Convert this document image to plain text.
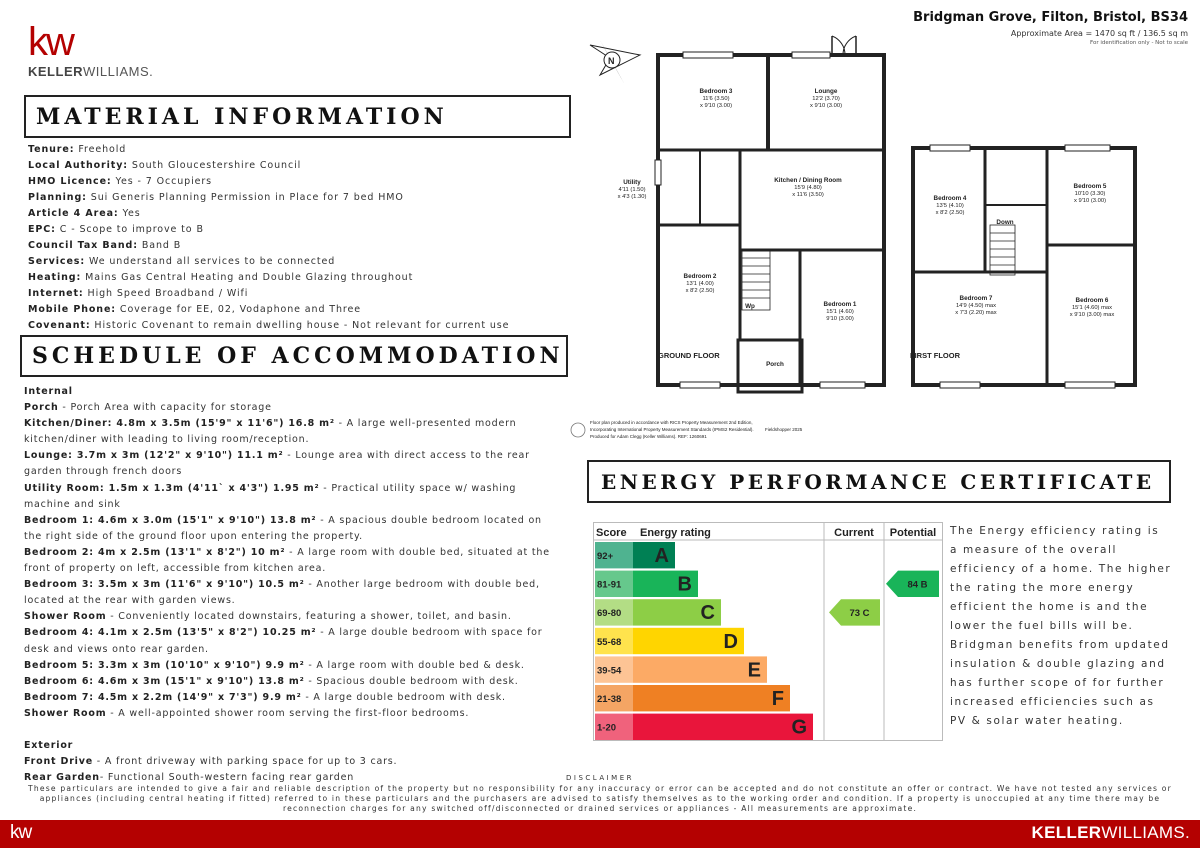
kw
KELLERWILLIAMS.
MATERIAL INFORMATION
Tenure: Freehold
Local Authority: South Gloucestershire Council
HMO Licence: Yes - 7 Occupiers
Planning: Sui Generis Planning Permission in Place for 7 bed HMO
Article 4 Area: Yes
EPC: C - Scope to improve to B
Council Tax Band: Band B
Services: We understand all services to be connected
Heating: Mains Gas Central Heating and Double Glazing throughout
Internet: High Speed Broadband / Wifi
Mobile Phone: Coverage for EE, 02, Vodaphone and Three
Covenant: Historic Covenant to remain dwelling house - Not relevant for current use
SCHEDULE OF ACCOMMODATION
Internal
Porch - Porch Area with capacity for storage
Kitchen/Diner: 4.8m x 3.5m (15'9" x 11'6") 16.8 m² - A large well-presented modern kitchen/diner with leading to living room/reception.
Lounge: 3.7m x 3m (12'2" x 9'10") 11.1 m² - Lounge area with direct access to the rear garden through french doors
Utility Room: 1.5m x 1.3m (4'11` x 4'3") 1.95 m² - Practical utility space w/ washing machine and sink
Bedroom 1: 4.6m x 3.0m (15'1" x 9'10") 13.8 m² - A spacious double bedroom located on the right side of the ground floor upon entering the property.
Bedroom 2: 4m x 2.5m (13'1" x 8'2") 10 m² - A large room with double bed, situated at the front of property on left, accessible from kitchen area.
Bedroom 3: 3.5m x 3m (11'6" x 9'10") 10.5 m² - Another large bedroom with double bed, located at the rear with garden views.
Shower Room - Conveniently located downstairs, featuring a shower, toilet, and basin.
Bedroom 4: 4.1m x 2.5m (13'5" x 8'2") 10.25 m² - A large double bedroom with space for desk and views onto rear garden.
Bedroom 5: 3.3m x 3m (10'10" x 9'10") 9.9 m² - A large room with double bed & desk.
Bedroom 6: 4.6m x 3m (15'1" x 9'10") 13.8 m² - Spacious double bedroom with desk.
Bedroom 7: 4.5m x 2.2m (14'9" x 7'3") 9.9 m² - A large double bedroom with desk.
Shower Room - A well-appointed shower room serving the first-floor bedrooms.
Exterior
Front Drive - A front driveway with parking space for up to 3 cars.
Rear Garden- Functional South-western facing rear garden
Bridgman Grove, Filton, Bristol, BS34
Approximate Area = 1470 sq ft / 136.5 sq m
For identification only - Not to scale
N
Bedroom 3
11'6 (3.50)
x 9'10 (3.00)
Lounge
12'2 (3.70)
x 9'10 (3.00)
Utility
4'11 (1.50)
x 4'3 (1.30)
Kitchen / Dining Room
15'9 (4.80)
x 11'6 (3.50)
Bedroom 2
13'1 (4.00)
x 8'2 (2.50)
Bedroom 1
15'1 (4.60)
9'10 (3.00)
Porch
Wp
Bedroom 4
13'5 (4.10)
x 8'2 (2.50)
Bedroom 5
10'10 (3.30)
x 9'10 (3.00)
Down
Bedroom 7
14'9 (4.50) max
x 7'3 (2.20) max
Bedroom 6
15'1 (4.60) max
x 9'10 (3.00) max
GROUND FLOOR	FIRST FLOOR
Floor plan produced in accordance with RICS Property Measurement 2nd Edition,
Incorporating International Property Measurement Standards (IPMS2 Residential).
Produced for Adam Clegg (Keller Williams). REF: 1260691
Fieldshopper 2025
ENERGY PERFORMANCE CERTIFICATE
Score Energy rating	Current Potential
92+ A
81-91	B
69-80	C
55-68	D
39-54	E
21-38	F
1-20	G
73 C
84 B
The Energy efficiency rating is a measure of the overall efficiency of a home. The higher the rating the more energy efficient the home is and the lower the fuel bills will be. Bridgman benefits from updated insulation & double glazing and has further scope of for further increased efficiencies such as PV & solar water heating.
DISCLAIMER
These particulars are intended to give a fair and reliable description of the property but no responsibility for any inaccuracy or error can be accepted and do not constitute an offer or contract. We have not tested any services or appliances (including central heating if fitted) referred to in these particulars and the purchasers are advised to satisfy themselves as to the working order and condition. If a property is unoccupied at any time there may be reconnection charges for any switched off/disconnected or drained services or appliances - All measurements are approximate.
kw	KELLERWILLIAMS.
